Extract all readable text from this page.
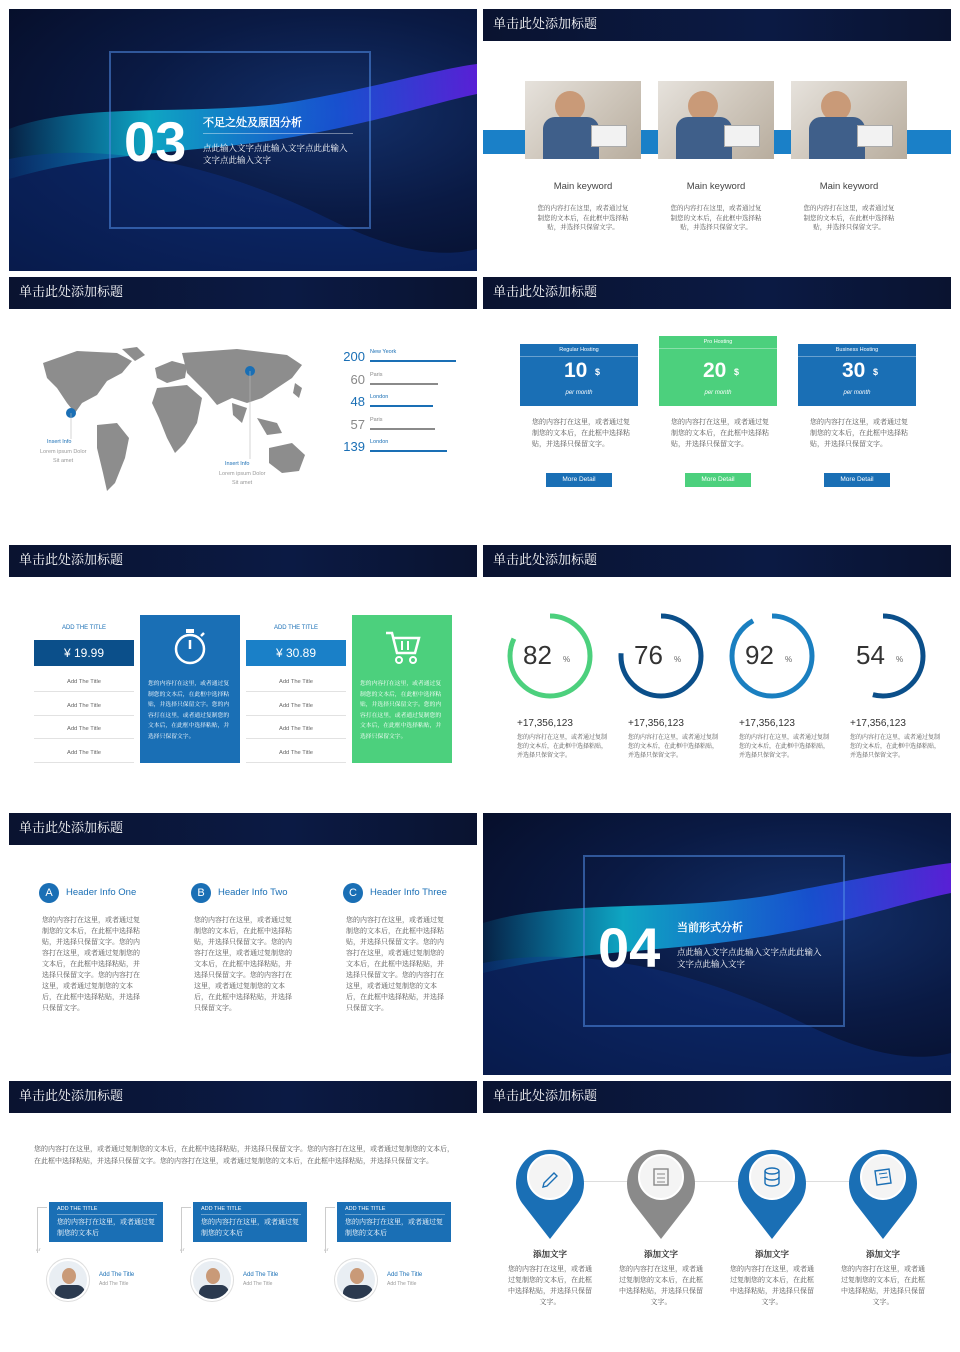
03 不足之处及原因分析
点此输入文字点此输入文字点此此输入文字点此输入文字
单击此处添加标题
Main keyword
您的内容打在这里，或者通过复制您的文本后，在此框中选择粘贴，并选择只保留文字。
Main keyword
您的内容打在这里，或者通过复制您的文本后，在此框中选择粘贴，并选择只保留文字。
Main keyword
您的内容打在这里，或者通过复制您的文本后，在此框中选择粘贴，并选择只保留文字。
单击此处添加标题
Insert Info
Lorem ipsum Dolor
Sit amet	Insert Info
Lorem ipsum Dolor
Sit amet
200 New Yeork
60 Paris
48 London
57 Paris
139 London
单击此处添加标题
Regular Hosting
10 $
per month
您的内容打在这里，或者通过复制您的文本后，在此框中选择粘贴，并选择只保留文字。
More Detail
Pro Hosting
20 $
per month
您的内容打在这里，或者通过复制您的文本后，在此框中选择粘贴，并选择只保留文字。
More Detail
Business Hosting
30 $
per month
您的内容打在这里，或者通过复制您的文本后，在此框中选择粘贴，并选择只保留文字。
More Detail
单击此处添加标题
ADD THE TITLE
¥ 19.99
Add The Title
Add The Title
Add The Title
Add The Title
您的内容打在这里，或者通过复制您的文本后，在此框中选择粘贴，并选择只保留文字。您的内容打在这里，或者通过复制您的文本后，在此框中选择粘贴，并选择只保留文字。
ADD THE TITLE
¥ 30.89
Add The Title
Add The Title
Add The Title
Add The Title
您的内容打在这里，或者通过复制您的文本后，在此框中选择粘贴，并选择只保留文字。您的内容打在这里，或者通过复制您的文本后，在此框中选择粘贴，并选择只保留文字。
单击此处添加标题
82 %
+17,356,123
您的内容打在这里，或者通过复制您的文本后，在此框中选择粘贴，并选择只保留文字。
76 %
+17,356,123
您的内容打在这里，或者通过复制您的文本后，在此框中选择粘贴，并选择只保留文字。
92 %
+17,356,123
您的内容打在这里，或者通过复制您的文本后，在此框中选择粘贴，并选择只保留文字。
54 %
+17,356,123
您的内容打在这里，或者通过复制您的文本后，在此框中选择粘贴，并选择只保留文字。
单击此处添加标题
A	Header Info One
您的内容打在这里，或者通过复制您的文本后，在此框中选择粘贴，并选择只保留文字。您的内容打在这里，或者通过复制您的文本后，在此框中选择粘贴，并选择只保留文字。您的内容打在这里，或者通过复制您的文本后，在此框中选择粘贴，并选择只保留文字。
B	Header Info Two
您的内容打在这里，或者通过复制您的文本后，在此框中选择粘贴，并选择只保留文字。您的内容打在这里，或者通过复制您的文本后，在此框中选择粘贴，并选择只保留文字。您的内容打在这里，或者通过复制您的文本后，在此框中选择粘贴，并选择只保留文字。
C	Header Info Three
您的内容打在这里，或者通过复制您的文本后，在此框中选择粘贴，并选择只保留文字。您的内容打在这里，或者通过复制您的文本后，在此框中选择粘贴，并选择只保留文字。您的内容打在这里，或者通过复制您的文本后，在此框中选择粘贴，并选择只保留文字。
04 当前形式分析
点此输入文字点此输入文字点此此输入文字点此输入文字
单击此处添加标题
您的内容打在这里，或者通过复制您的文本后，在此框中选择粘贴，并选择只保留文字。您的内容打在这里，或者通过复制您的文本后，在此框中选择粘贴，并选择只保留文字。您的内容打在这里，或者通过复制您的文本后，在此框中选择粘贴，并选择只保留文字。
“
ADD THE TITLE
您的内容打在这里，或者通过复制您的文本后
Add The Title
Add The Title
“
ADD THE TITLE
您的内容打在这里，或者通过复制您的文本后
Add The Title
Add The Title
“
ADD THE TITLE
您的内容打在这里，或者通过复制您的文本后
Add The Title
Add The Title
单击此处添加标题
添加文字
您的内容打在这里，或者通过复制您的文本后，在此框中选择粘贴，并选择只保留文字。
添加文字
您的内容打在这里，或者通过复制您的文本后，在此框中选择粘贴，并选择只保留文字。
添加文字
您的内容打在这里，或者通过复制您的文本后，在此框中选择粘贴，并选择只保留文字。
添加文字
您的内容打在这里，或者通过复制您的文本后，在此框中选择粘贴，并选择只保留文字。
